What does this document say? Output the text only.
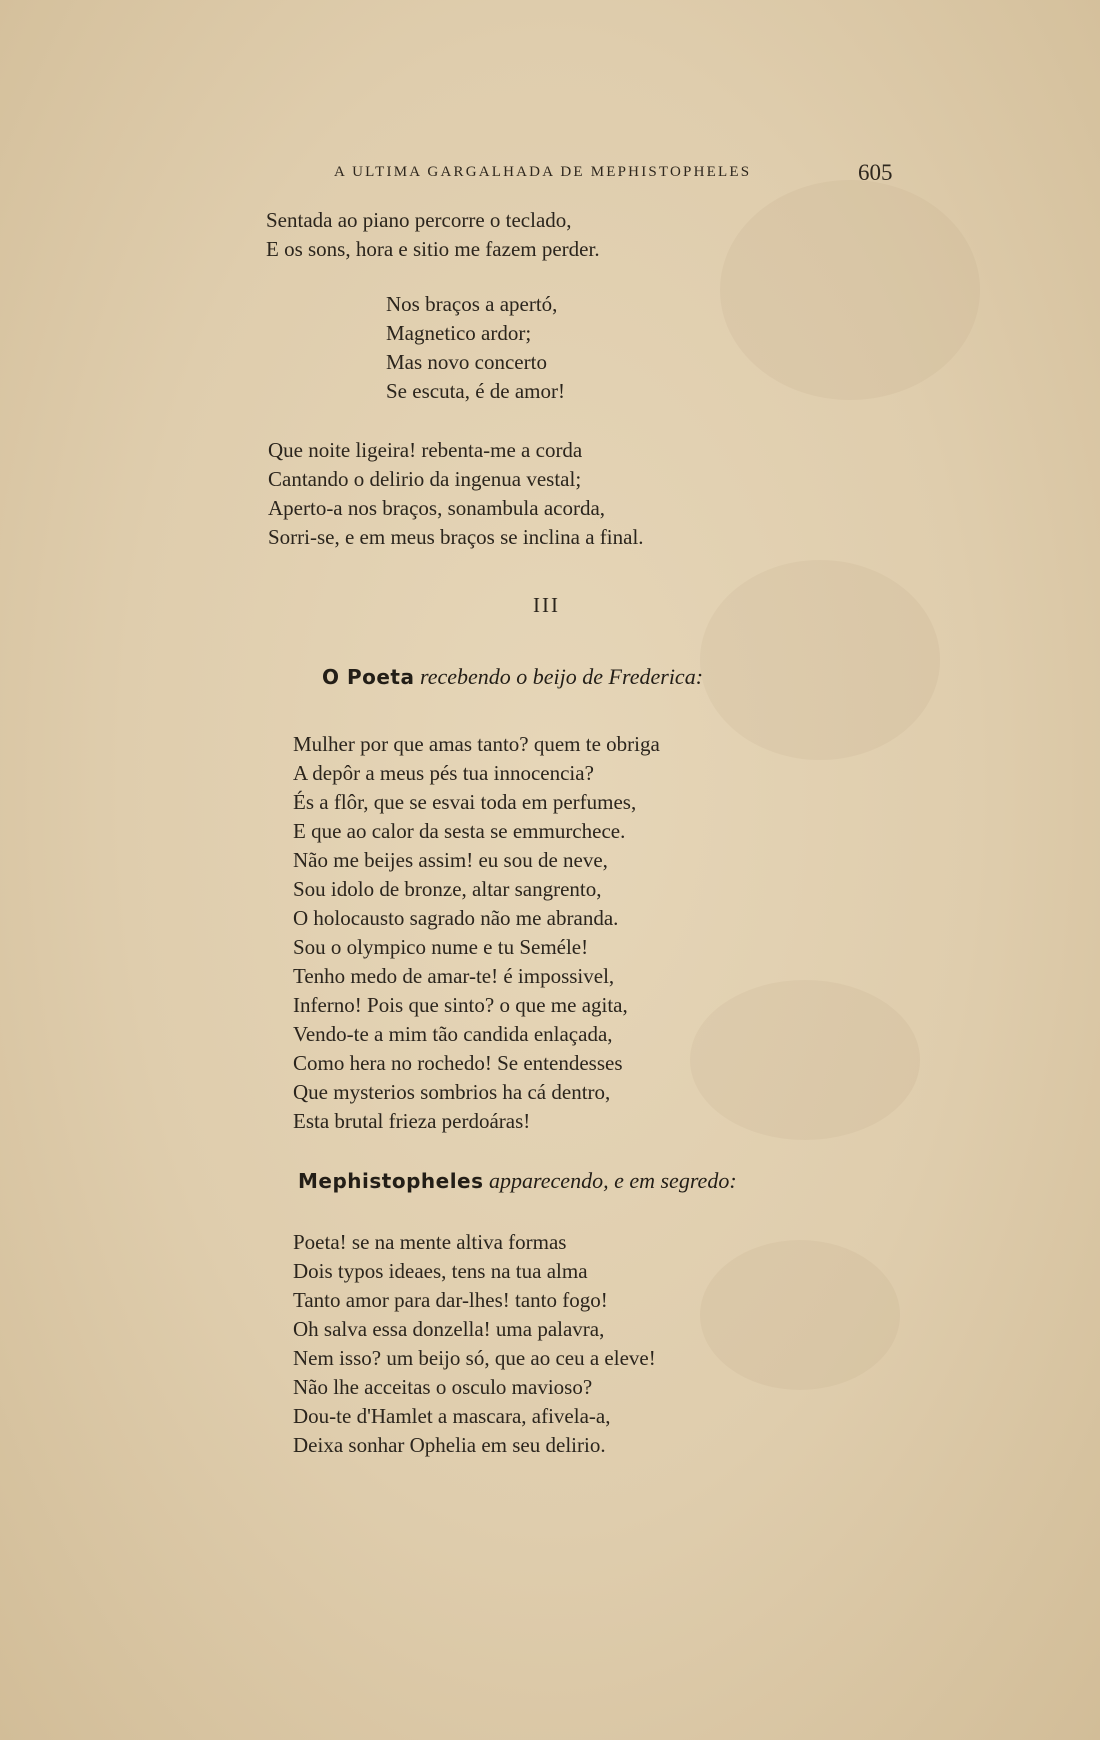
A ULTIMA GARGALHADA DE MEPHISTOPHELES	605
Sentada ao piano percorre o teclado,
E os sons, hora e sitio me fazem perder.
Nos braços a apertó,
Magnetico ardor;
Mas novo concerto
Se escuta, é de amor!
Que noite ligeira! rebenta-me a corda
Cantando o delirio da ingenua vestal;
Aperto-a nos braços, sonambula acorda,
Sorri-se, e em meus braços se inclina a final.
III
O Poeta recebendo o beijo de Frederica:
Mulher por que amas tanto? quem te obriga
A depôr a meus pés tua innocencia?
És a flôr, que se esvai toda em perfumes,
E que ao calor da sesta se emmurchece.
Não me beijes assim! eu sou de neve,
Sou idolo de bronze, altar sangrento,
O holocausto sagrado não me abranda.
Sou o olympico nume e tu Seméle!
Tenho medo de amar-te! é impossivel,
Inferno! Pois que sinto? o que me agita,
Vendo-te a mim tão candida enlaçada,
Como hera no rochedo! Se entendesses
Que mysterios sombrios ha cá dentro,
Esta brutal frieza perdoáras!
Mephistopheles apparecendo, e em segredo:
Poeta! se na mente altiva formas
Dois typos ideaes, tens na tua alma
Tanto amor para dar-lhes! tanto fogo!
Oh salva essa donzella! uma palavra,
Nem isso? um beijo só, que ao ceu a eleve!
Não lhe acceitas o osculo mavioso?
Dou-te d'Hamlet a mascara, afivela-a,
Deixa sonhar Ophelia em seu delirio.
